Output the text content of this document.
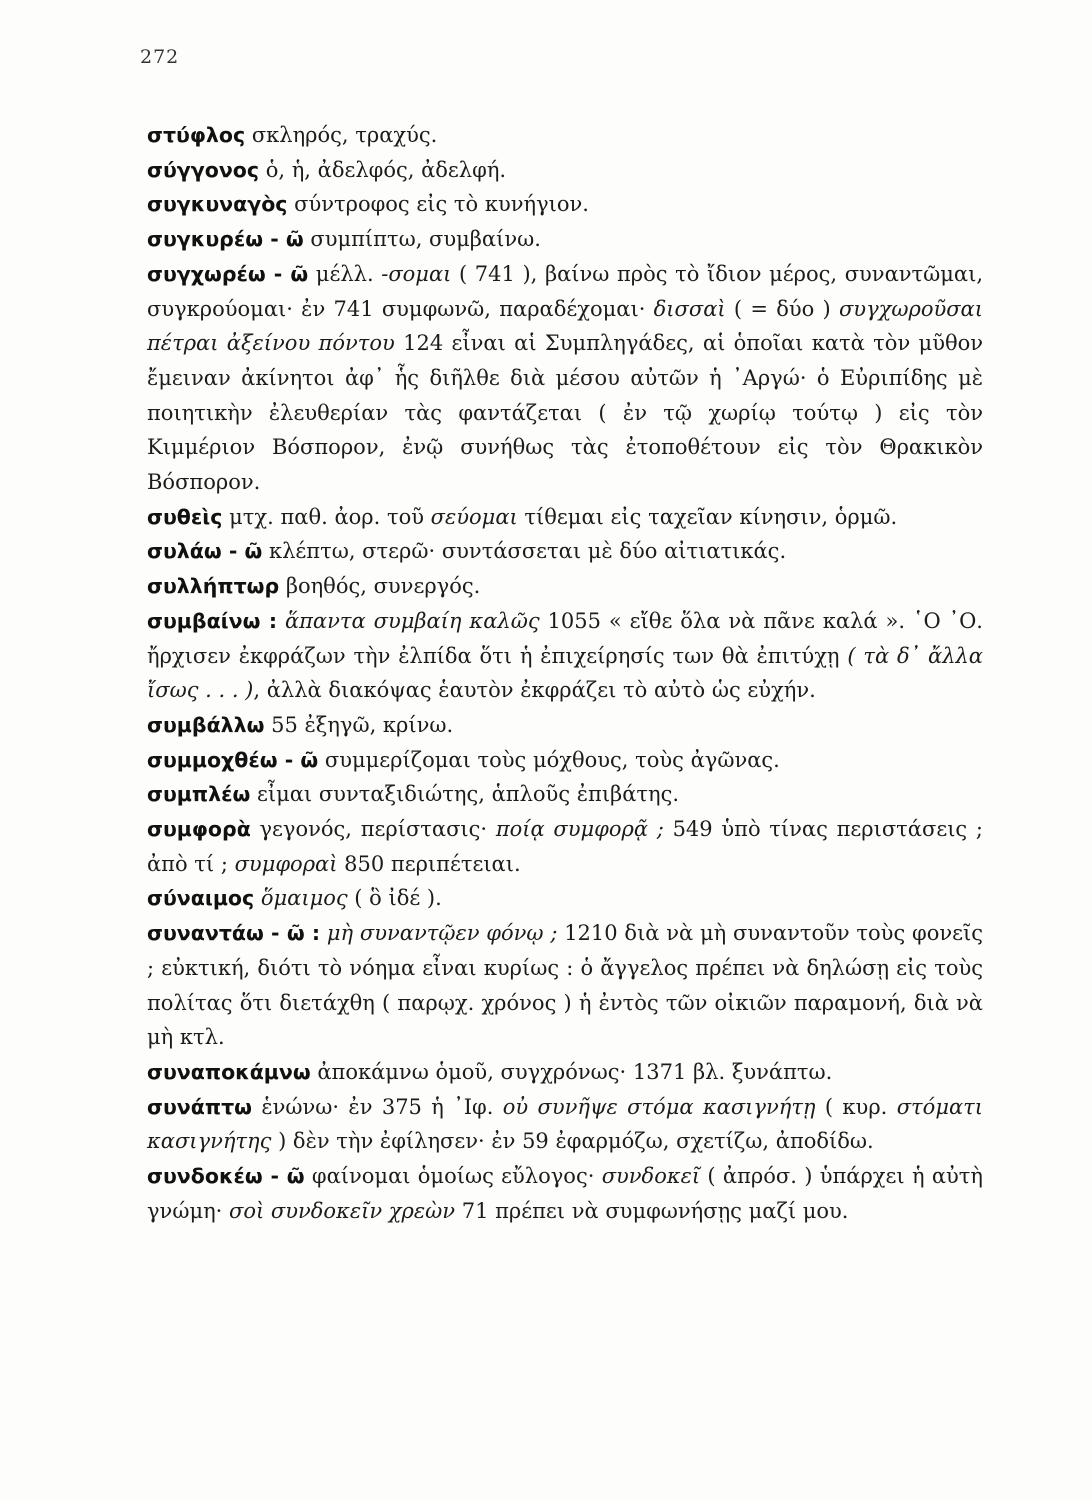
272

στύφλος σκληρός, τραχύς.

σύγγονος ὁ, ἡ, ἀδελφός, ἀδελφή.

συγκυναγὸς σύντροφος εἰς τὸ κυνήγιον.

συγκυρέω - ῶ συμπίπτω, συμβαίνω.

συγχωρέω - ῶ μέλλ. -σομαι ( 741 ), βαίνω πρὸς τὸ ἴδιον μέρος, συναντῶμαι, συγκρούομαι· ἐν 741 συμφωνῶ, παραδέχομαι· δισσαὶ ( = δύο ) συγχωροῦσαι πέτραι ἀξείνου πόντου 124 εἶναι αἱ Συμπληγάδες, αἱ ὁποῖαι κατὰ τὸν μῦθον ἔμειναν ἀκίνητοι ἀφ᾽ ἧς διῆλθε διὰ μέσου αὐτῶν ἡ ᾿Αργώ· ὁ Εὐριπίδης μὲ ποιητικὴν ἐλευθερίαν τὰς φαντάζεται ( ἐν τῷ χωρίῳ τούτῳ ) εἰς τὸν Κιμμέριον Βόσπορον, ἐνῷ συνήθως τὰς ἐτοποθέτουν εἰς τὸν Θρακικὸν Βόσπορον.

συθεὶς μτχ. παθ. ἀορ. τοῦ σεύομαι τίθεμαι εἰς ταχεῖαν κίνησιν, ὁρμῶ.

συλάω - ῶ κλέπτω, στερῶ· συντάσσεται μὲ δύο αἰτιατικάς.

συλλήπτωρ βοηθός, συνεργός.

συμβαίνω : ἅπαντα συμβαίη καλῶς 1055 « εἴθε ὅλα νὰ πᾶνε καλά ». ῾Ο ᾿Ο. ἤρχισεν ἐκφράζων τὴν ἐλπίδα ὅτι ἡ ἐπιχείρησίς των θὰ ἐπιτύχῃ ( τὰ δ᾽ ἄλλα ἴσως . . . ), ἀλλὰ διακόψας ἑαυτὸν ἐκφράζει τὸ αὐτὸ ὡς εὐχήν.

συμβάλλω 55 ἐξηγῶ, κρίνω.

συμμοχθέω - ῶ συμμερίζομαι τοὺς μόχθους, τοὺς ἀγῶνας.

συμπλέω εἶμαι συνταξιδιώτης, ἁπλοῦς ἐπιβάτης.

συμφορὰ γεγονός, περίστασις· ποίᾳ συμφορᾷ ; 549 ὑπὸ τίνας περιστάσεις ; ἀπὸ τί ; συμφοραὶ 850 περιπέτειαι.

σύναιμος ὅμαιμος ( ὃ ἰδέ ).

συναντάω - ῶ : μὴ συναντῷεν φόνῳ ; 1210 διὰ νὰ μὴ συναντοῦν τοὺς φονεῖς ; εὐκτική, διότι τὸ νόημα εἶναι κυρίως : ὁ ἄγγελος πρέπει νὰ δηλώσῃ εἰς τοὺς πολίτας ὅτι διετάχθη ( παρῳχ. χρόνος ) ἡ ἐντὸς τῶν οἰκιῶν παραμονή, διὰ νὰ μὴ κτλ.

συναποκάμνω ἀποκάμνω ὁμοῦ, συγχρόνως· 1371 βλ. ξυνάπτω.

συνάπτω ἑνώνω· ἐν 375 ἡ ᾿Ιφ. οὐ συνῆψε στόμα κασιγνήτῃ ( κυρ. στόματι κασιγνήτης ) δὲν τὴν ἐφίλησεν· ἐν 59 ἐφαρμόζω, σχετίζω, ἀποδίδω.

συνδοκέω - ῶ φαίνομαι ὁμοίως εὔλογος· συνδοκεῖ ( ἀπρόσ. ) ὑπάρχει ἡ αὐτὴ γνώμη· σοὶ συνδοκεῖν χρεὼν 71 πρέπει νὰ συμφωνήσῃς μαζί μου.
